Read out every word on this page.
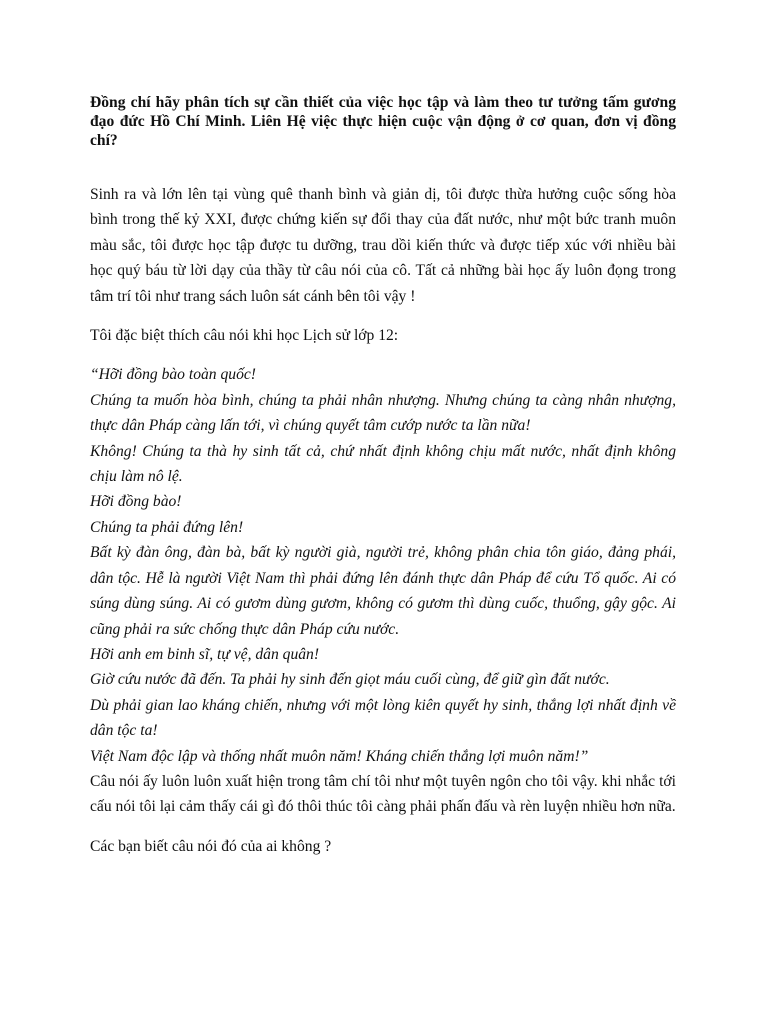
Đồng chí hãy phân tích sự cần thiết của việc học tập và làm theo tư tưởng tấm gương đạo đức Hồ Chí Minh. Liên Hệ việc thực hiện cuộc vận động ở cơ quan, đơn vị đồng chí?

Sinh ra và lớn lên tại vùng quê thanh bình và giản dị, tôi được thừa hưởng cuộc sống hòa bình trong thế kỷ XXI, được chứng kiến sự đổi thay của đất nước, như một bức tranh muôn màu sắc, tôi được học tập được tu dưỡng, trau dồi kiến thức và được tiếp xúc với nhiều bài học quý báu từ lời dạy của thầy từ câu nói của cô. Tất cả những bài học ấy luôn đọng trong tâm trí tôi như trang sách luôn sát cánh bên tôi vậy !

Tôi đặc biệt thích câu nói khi học Lịch sử lớp 12:

“Hỡi đồng bào toàn quốc!
Chúng ta muốn hòa bình, chúng ta phải nhân nhượng. Nhưng chúng ta càng nhân nhượng, thực dân Pháp càng lấn tới, vì chúng quyết tâm cướp nước ta lần nữa!
Không! Chúng ta thà hy sinh tất cả, chứ nhất định không chịu mất nước, nhất định không chịu làm nô lệ.
Hỡi đồng bào!
Chúng ta phải đứng lên!
Bất kỳ đàn ông, đàn bà, bất kỳ người già, người trẻ, không phân chia tôn giáo, đảng phái, dân tộc. Hễ là người Việt Nam thì phải đứng lên đánh thực dân Pháp để cứu Tổ quốc. Ai có súng dùng súng. Ai có gươm dùng gươm, không có gươm thì dùng cuốc, thuổng, gậy gộc. Ai cũng phải ra sức chống thực dân Pháp cứu nước.
Hỡi anh em binh sĩ, tự vệ, dân quân!
Giờ cứu nước đã đến. Ta phải hy sinh đến giọt máu cuối cùng, để giữ gìn đất nước.
Dù phải gian lao kháng chiến, nhưng với một lòng kiên quyết hy sinh, thắng lợi nhất định về dân tộc ta!
Việt Nam độc lập và thống nhất muôn năm! Kháng chiến thắng lợi muôn năm!”

Câu nói ấy luôn luôn xuất hiện trong tâm chí tôi như một tuyên ngôn cho tôi vậy. khi nhắc tới cấu nói tôi lại cảm thấy cái gì đó thôi thúc tôi càng phải phấn đấu và rèn luyện nhiều hơn nữa.

Các bạn biết câu nói đó của ai không ?
